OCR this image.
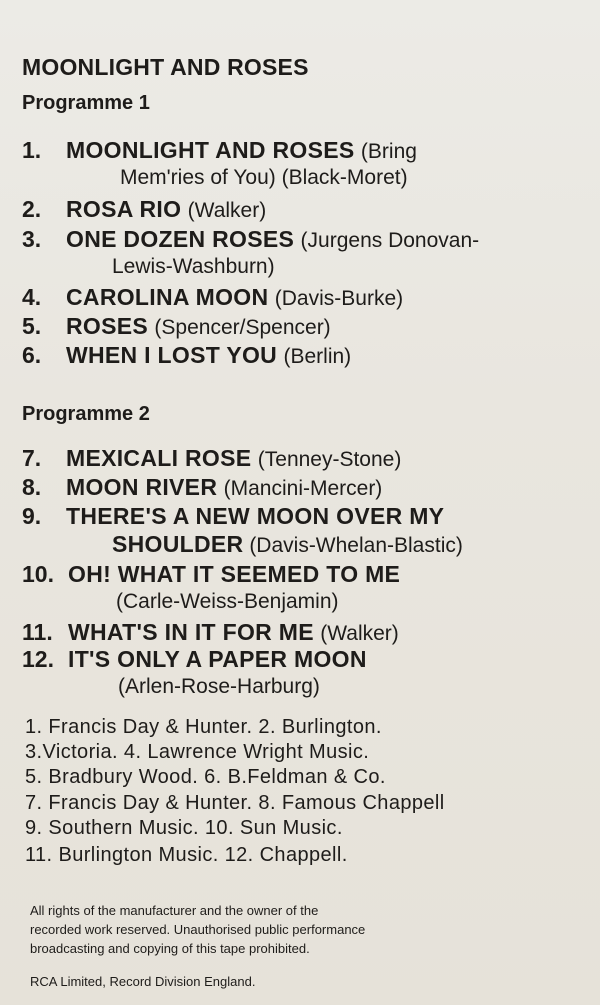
MOONLIGHT AND ROSES
Programme 1
1. MOONLIGHT AND ROSES (Bring
Mem'ries of You) (Black-Moret)
2. ROSA RIO (Walker)
3. ONE DOZEN ROSES (Jurgens Donovan-
Lewis-Washburn)
4. CAROLINA MOON (Davis-Burke)
5. ROSES (Spencer/Spencer)
6. WHEN I LOST YOU (Berlin)
Programme 2
7. MEXICALI ROSE (Tenney-Stone)
8. MOON RIVER (Mancini-Mercer)
9. THERE'S A NEW MOON OVER MY
SHOULDER (Davis-Whelan-Blastic)
10. OH! WHAT IT SEEMED TO ME
(Carle-Weiss-Benjamin)
11. WHAT'S IN IT FOR ME (Walker)
12. IT'S ONLY A PAPER MOON
(Arlen-Rose-Harburg)
1. Francis Day & Hunter. 2. Burlington.
3.Victoria. 4. Lawrence Wright Music.
5. Bradbury Wood. 6. B.Feldman & Co.
7. Francis Day & Hunter. 8. Famous Chappell
9. Southern Music. 10. Sun Music.
11. Burlington Music. 12. Chappell.
All rights of the manufacturer and the owner of the
recorded work reserved. Unauthorised public performance
broadcasting and copying of this tape prohibited.
RCA Limited, Record Division England.
